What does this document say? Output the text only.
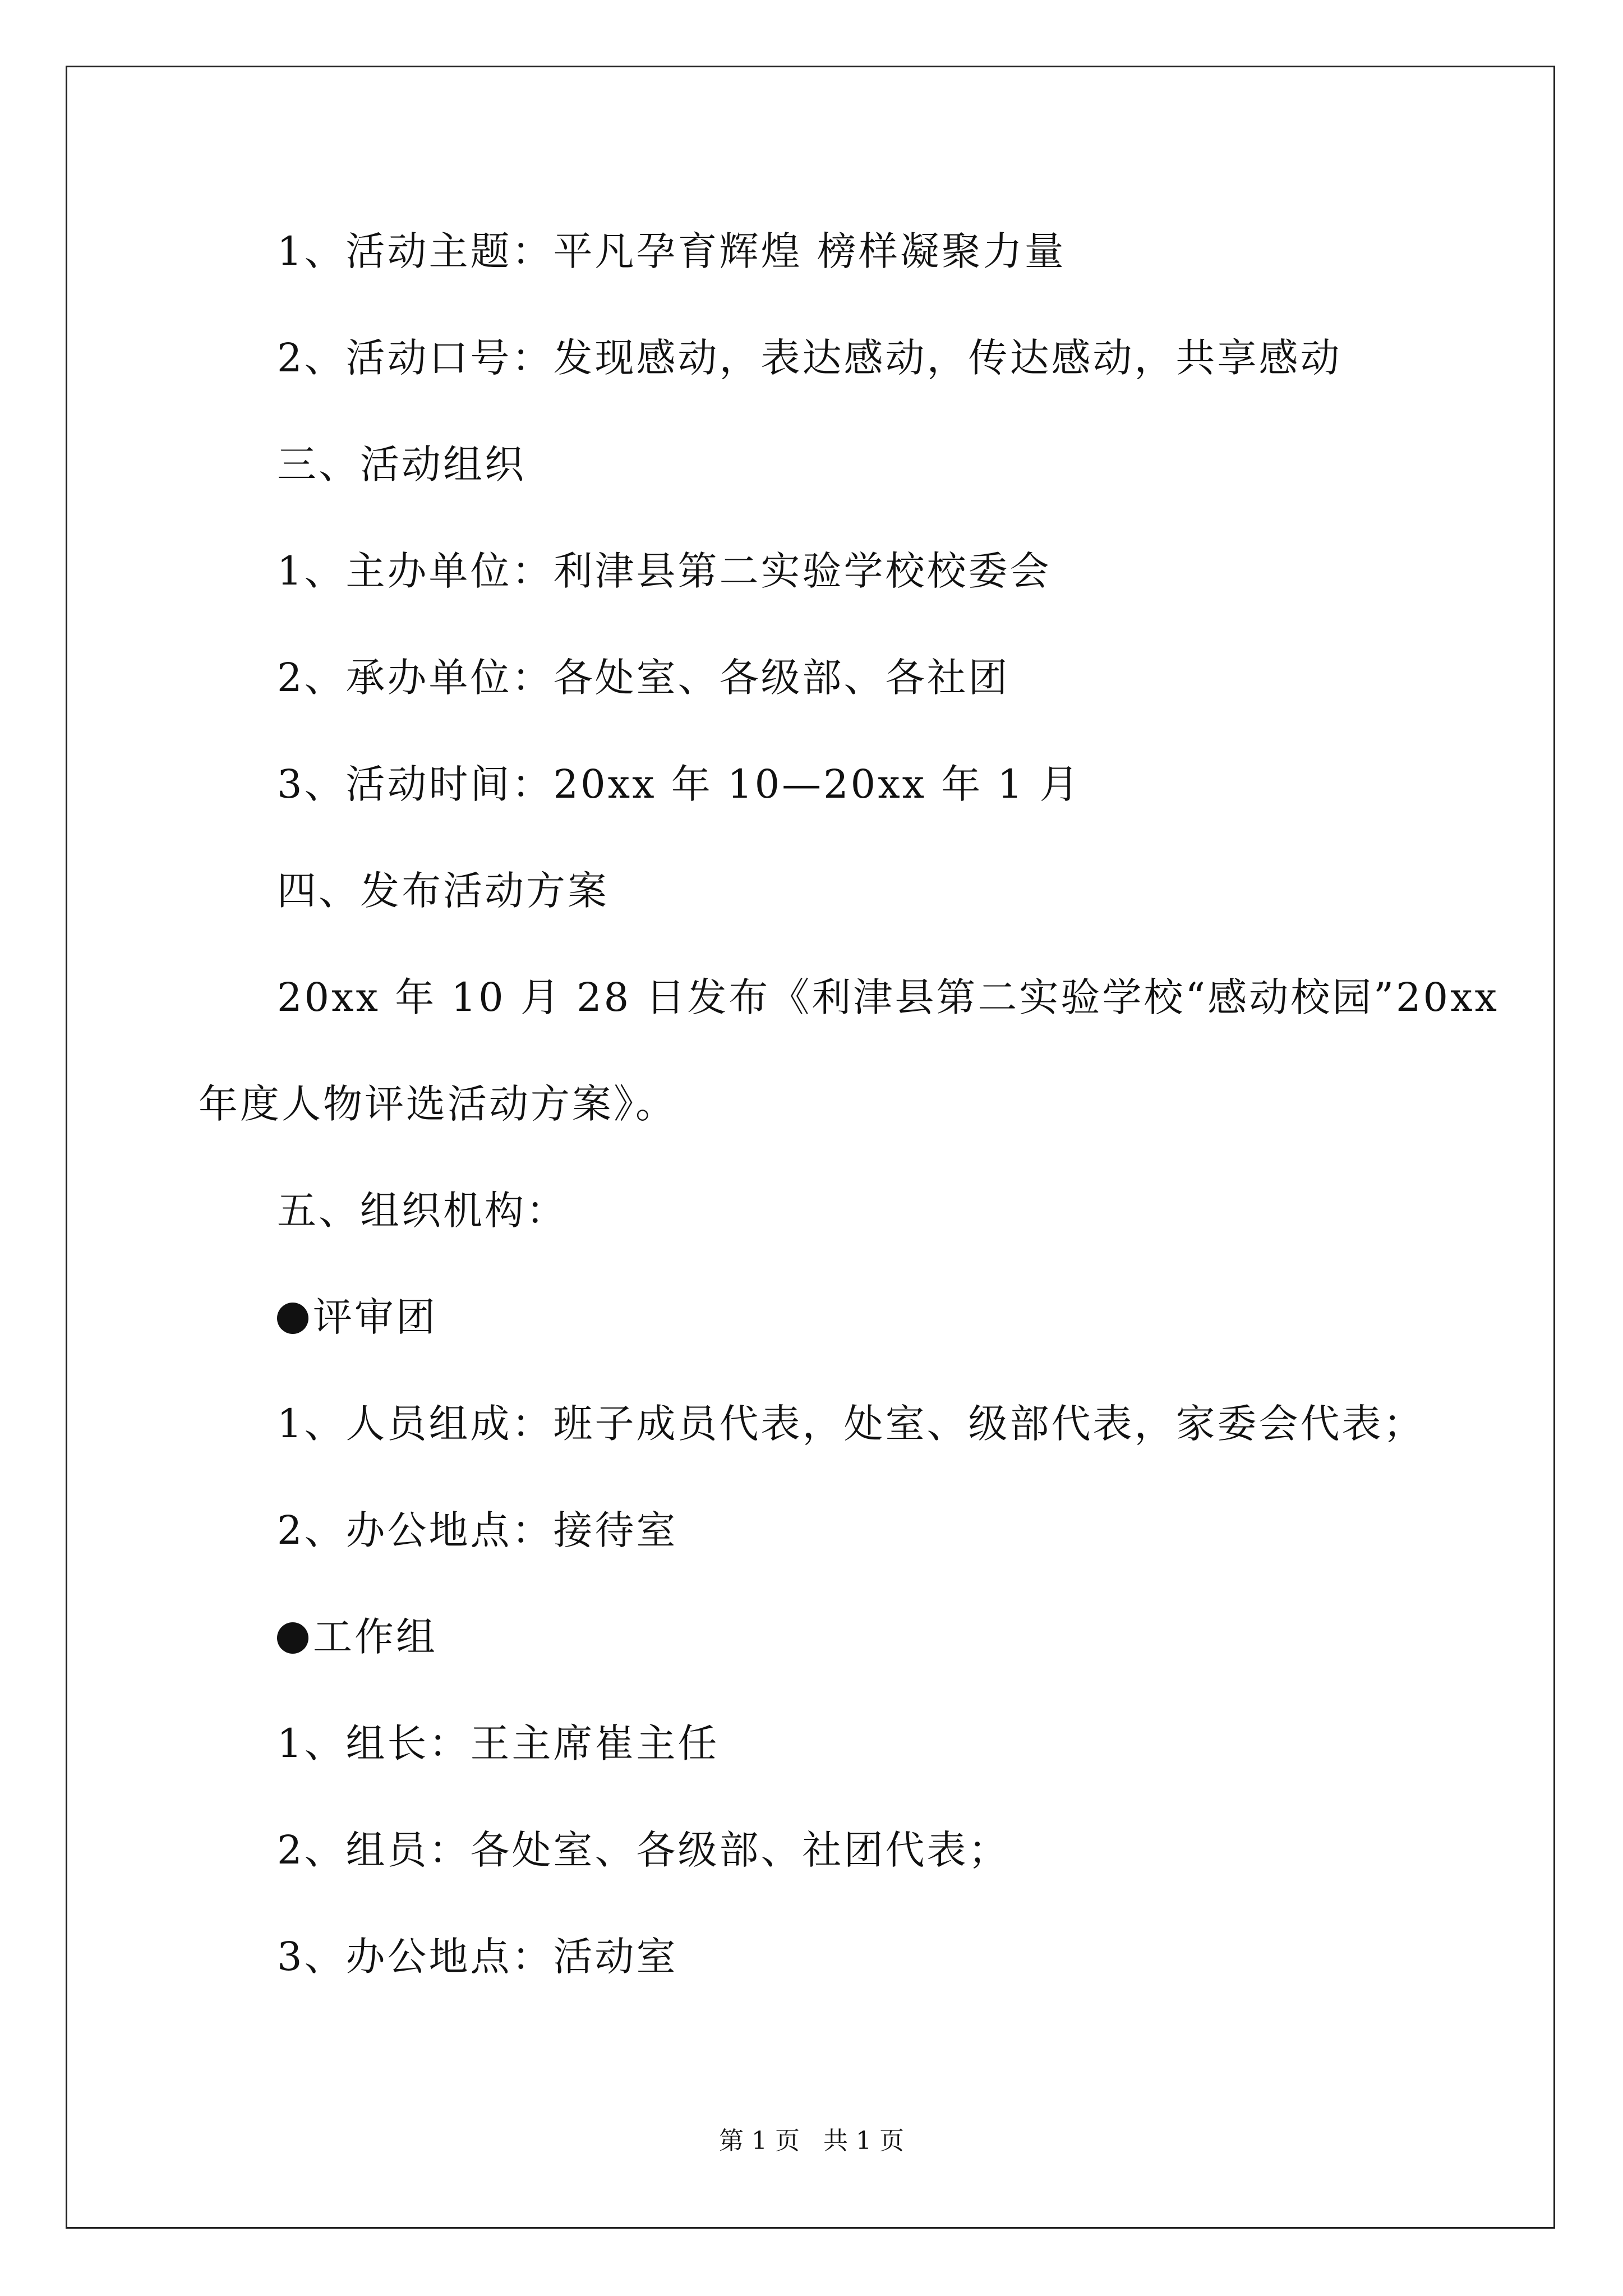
1、活动主题：平凡孕育辉煌 榜样凝聚力量
2、活动口号：发现感动，表达感动，传达感动，共享感动
三、活动组织
1、主办单位：利津县第二实验学校校委会
2、承办单位：各处室、各级部、各社团
3、活动时间：20xx 年 10—20xx 年 1 月
四、发布活动方案
20xx 年 10 月 28 日发布《利津县第二实验学校“感动校园”20xx
年度人物评选活动方案》。
五、组织机构：
评审团
1、人员组成：班子成员代表，处室、级部代表，家委会代表；
2、办公地点：接待室
工作组
1、组长：王主席崔主任
2、组员：各处室、各级部、社团代表；
3、办公地点：活动室
第 1 页   共 1 页
